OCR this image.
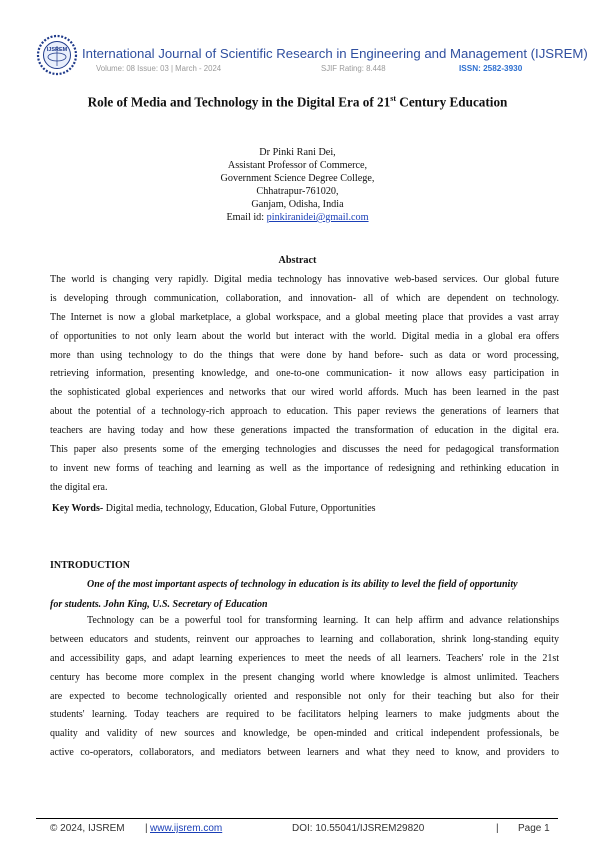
IJSREM International Journal of Scientific Research in Engineering and Management (IJSREM)
Volume: 08 Issue: 03 | March - 2024	SJIF Rating: 8.448	ISSN: 2582-3930
Role of Media and Technology in the Digital Era of 21st Century Education
Dr Pinki Rani Dei,
Assistant Professor of Commerce,
Government Science Degree College,
Chhatrapur-761020,
Ganjam, Odisha, India
Email id: pinkiranidei@gmail.com
Abstract
The world is changing very rapidly. Digital media technology has innovative web-based services. Our global future
is developing through communication, collaboration, and innovation- all of which are dependent on technology.
The Internet is now a global marketplace, a global workspace, and a global meeting place that provides a vast array
of opportunities to not only learn about the world but interact with the world. Digital media in a global era offers
more than using technology to do the things that were done by hand before- such as data or word processing,
retrieving information, presenting knowledge, and one-to-one communication- it now allows easy participation in
the sophisticated global experiences and networks that our wired world affords. Much has been learned in the past
about the potential of a technology-rich approach to education. This paper reviews the generations of learners that
teachers are having today and how these generations impacted the transformation of education in the digital era.
This paper also presents some of the emerging technologies and discusses the need for pedagogical transformation
to invent new forms of teaching and learning as well as the importance of redesigning and rethinking education in
the digital era.
Key Words- Digital media, technology, Education, Global Future, Opportunities
INTRODUCTION
One of the most important aspects of technology in education is its ability to level the field of opportunity
for students. John King, U.S. Secretary of Education
Technology can be a powerful tool for transforming learning. It can help affirm and advance relationships
between educators and students, reinvent our approaches to learning and collaboration, shrink long-standing equity
and accessibility gaps, and adapt learning experiences to meet the needs of all learners. Teachers' role in the 21st
century has become more complex in the present changing world where knowledge is almost unlimited. Teachers
are expected to become technologically oriented and responsible not only for their teaching but also for their
students' learning. Today teachers are required to be facilitators helping learners to make judgments about the
quality and validity of new sources and knowledge, be open-minded and critical independent professionals, be
active co-operators, collaborators, and mediators between learners and what they need to know, and providers to
© 2024, IJSREM | www.ijsrem.com	DOI: 10.55041/IJSREM29820	| Page 1
